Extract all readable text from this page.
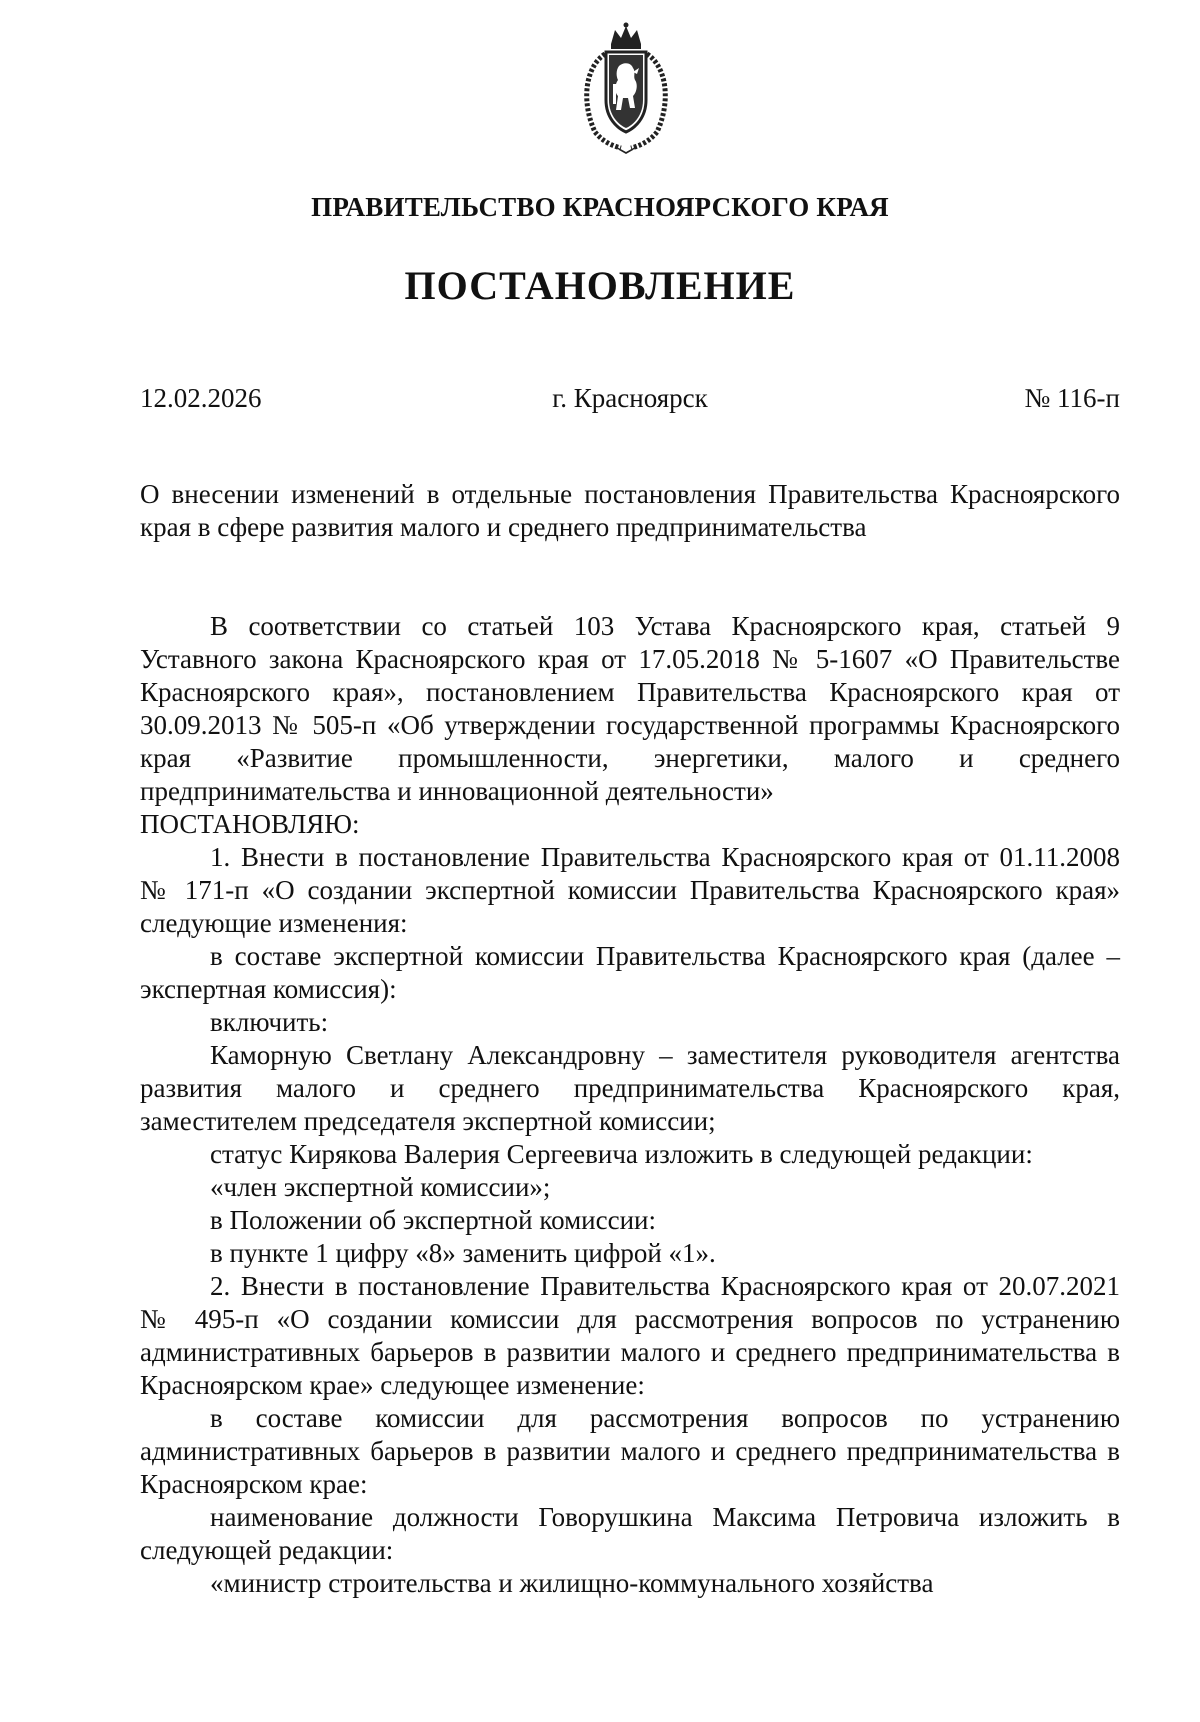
ПРАВИТЕЛЬСТВО КРАСНОЯРСКОГО КРАЯ
ПОСТАНОВЛЕНИЕ
12.02.2026	г. Красноярск	№ 116-п
О внесении изменений в отдельные постановления Правительства Красноярского края в сфере развития малого и среднего предпринимательства

В соответствии со статьей 103 Устава Красноярского края, статьей 9 Уставного закона Красноярского края от 17.05.2018 № 5-1607 «О Правительстве Красноярского края», постановлением Правительства Красноярского края от 30.09.2013 № 505-п «Об утверждении государственной программы Красноярского края «Развитие промышленности, энергетики, малого и среднего предпринимательства и инновационной деятельности»

ПОСТАНОВЛЯЮ:

1. Внести в постановление Правительства Красноярского края от 01.11.2008 № 171-п «О создании экспертной комиссии Правительства Красноярского края» следующие изменения:

в составе экспертной комиссии Правительства Красноярского края (далее – экспертная комиссия):

включить:

Каморную Светлану Александровну – заместителя руководителя агентства развития малого и среднего предпринимательства Красноярского края, заместителем председателя экспертной комиссии;

статус Кирякова Валерия Сергеевича изложить в следующей редакции:

«член экспертной комиссии»;

в Положении об экспертной комиссии:

в пункте 1 цифру «8» заменить цифрой «1».

2. Внести в постановление Правительства Красноярского края от 20.07.2021 № 495-п «О создании комиссии для рассмотрения вопросов по устранению административных барьеров в развитии малого и среднего предпринимательства в Красноярском крае» следующее изменение:

в составе комиссии для рассмотрения вопросов по устранению административных барьеров в развитии малого и среднего предпринимательства в Красноярском крае:

наименование должности Говорушкина Максима Петровича изложить в следующей редакции:

«министр строительства и жилищно-коммунального хозяйства
